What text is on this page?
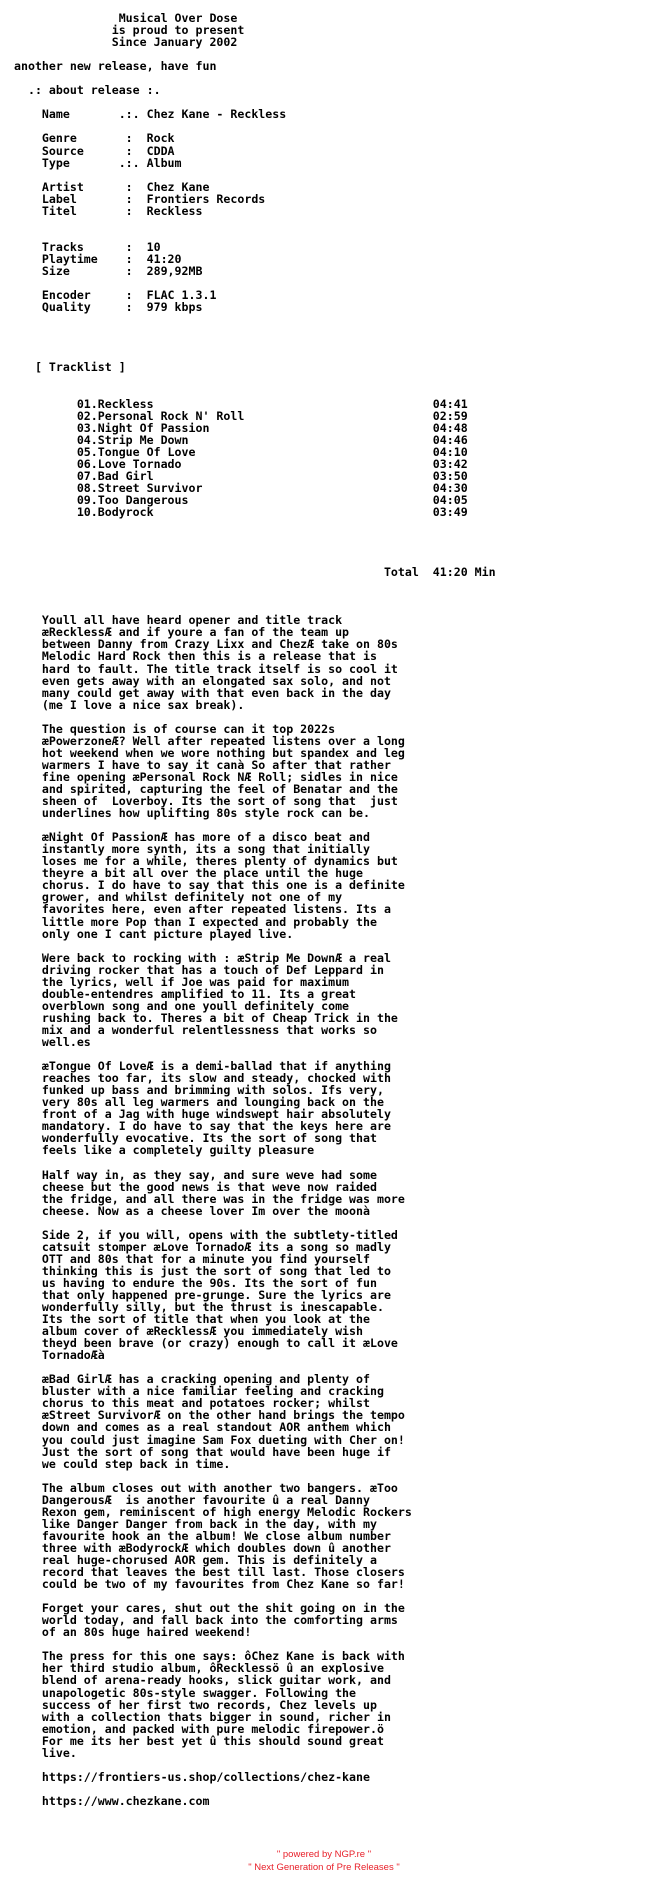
Musical Over Dose
is proud to present
Since January 2002

another new release, have fun

.: about release :.

Name       .:. Chez Kane - Reckless

Genre       :  Rock
Source      :  CDDA
Type       .:. Album

Artist      :  Chez Kane
Label       :  Frontiers Records
Titel       :  Reckless

Tracks      :  10
Playtime    :  41:20
Size        :  289,92MB

Encoder     :  FLAC 1.3.1
Quality     :  979 kbps

[ Tracklist ]

01.Reckless                                        04:41
02.Personal Rock N' Roll                           02:59
03.Night Of Passion                                04:48
04.Strip Me Down                                   04:46
05.Tongue Of Love                                  04:10
06.Love Tornado                                    03:42
07.Bad Girl                                        03:50
08.Street Survivor                                 04:30
09.Too Dangerous                                   04:05
10.Bodyrock                                        03:49

Total  41:20 Min

Youll all have heard opener and title track
æRecklessÆ and if youre a fan of the team up
between Danny from Crazy Lixx and ChezÆ take on 80s
Melodic Hard Rock then this is a release that is
hard to fault. The title track itself is so cool it
even gets away with an elongated sax solo, and not
many could get away with that even back in the day
(me I love a nice sax break).

The question is of course can it top 2022s
æPowerzoneÆ? Well after repeated listens over a long
hot weekend when we wore nothing but spandex and leg
warmers I have to say it canà So after that rather
fine opening æPersonal Rock NÆ Roll; sidles in nice
and spirited, capturing the feel of Benatar and the
sheen of  Loverboy. Its the sort of song that  just
underlines how uplifting 80s style rock can be.

æNight Of PassionÆ has more of a disco beat and
instantly more synth, its a song that initially
loses me for a while, theres plenty of dynamics but
theyre a bit all over the place until the huge
chorus. I do have to say that this one is a definite
grower, and whilst definitely not one of my
favorites here, even after repeated listens. Its a
little more Pop than I expected and probably the
only one I cant picture played live.

Were back to rocking with : æStrip Me DownÆ a real
driving rocker that has a touch of Def Leppard in
the lyrics, well if Joe was paid for maximum
double-entendres amplified to 11. Its a great
overblown song and one youll definitely come
rushing back to. Theres a bit of Cheap Trick in the
mix and a wonderful relentlessness that works so
well.es

æTongue Of LoveÆ is a demi-ballad that if anything
reaches too far, its slow and steady, chocked with
funked up bass and brimming with solos. Ifs very,
very 80s all leg warmers and lounging back on the
front of a Jag with huge windswept hair absolutely
mandatory. I do have to say that the keys here are
wonderfully evocative. Its the sort of song that
feels like a completely guilty pleasure

Half way in, as they say, and sure weve had some
cheese but the good news is that weve now raided
the fridge, and all there was in the fridge was more
cheese. Now as a cheese lover Im over the moonà

Side 2, if you will, opens with the subtlety-titled
catsuit stomper æLove TornadoÆ its a song so madly
OTT and 80s that for a minute you find yourself
thinking this is just the sort of song that led to
us having to endure the 90s. Its the sort of fun
that only happened pre-grunge. Sure the lyrics are
wonderfully silly, but the thrust is inescapable.
Its the sort of title that when you look at the
album cover of æRecklessÆ you immediately wish
theyd been brave (or crazy) enough to call it æLove
TornadoÆà

æBad GirlÆ has a cracking opening and plenty of
bluster with a nice familiar feeling and cracking
chorus to this meat and potatoes rocker; whilst
æStreet SurvivorÆ on the other hand brings the tempo
down and comes as a real standout AOR anthem which
you could just imagine Sam Fox dueting with Cher on!
Just the sort of song that would have been huge if
we could step back in time.

The album closes out with another two bangers. æToo
DangerousÆ  is another favourite û a real Danny
Rexon gem, reminiscent of high energy Melodic Rockers
like Danger Danger from back in the day, with my
favourite hook an the album! We close album number
three with æBodyrockÆ which doubles down û another
real huge-chorused AOR gem. This is definitely a
record that leaves the best till last. Those closers
could be two of my favourites from Chez Kane so far!

Forget your cares, shut out the shit going on in the
world today, and fall back into the comforting arms
of an 80s huge haired weekend!

The press for this one says: ôChez Kane is back with
her third studio album, ôRecklessö û an explosive
blend of arena-ready hooks, slick guitar work, and
unapologetic 80s-style swagger. Following the
success of her first two records, Chez levels up
with a collection thats bigger in sound, richer in
emotion, and packed with pure melodic firepower.ö
For me its her best yet û this should sound great
live.

https://frontiers-us.shop/collections/chez-kane

https://www.chezkane.com
" powered by NGP.re "
" Next Generation of Pre Releases "
